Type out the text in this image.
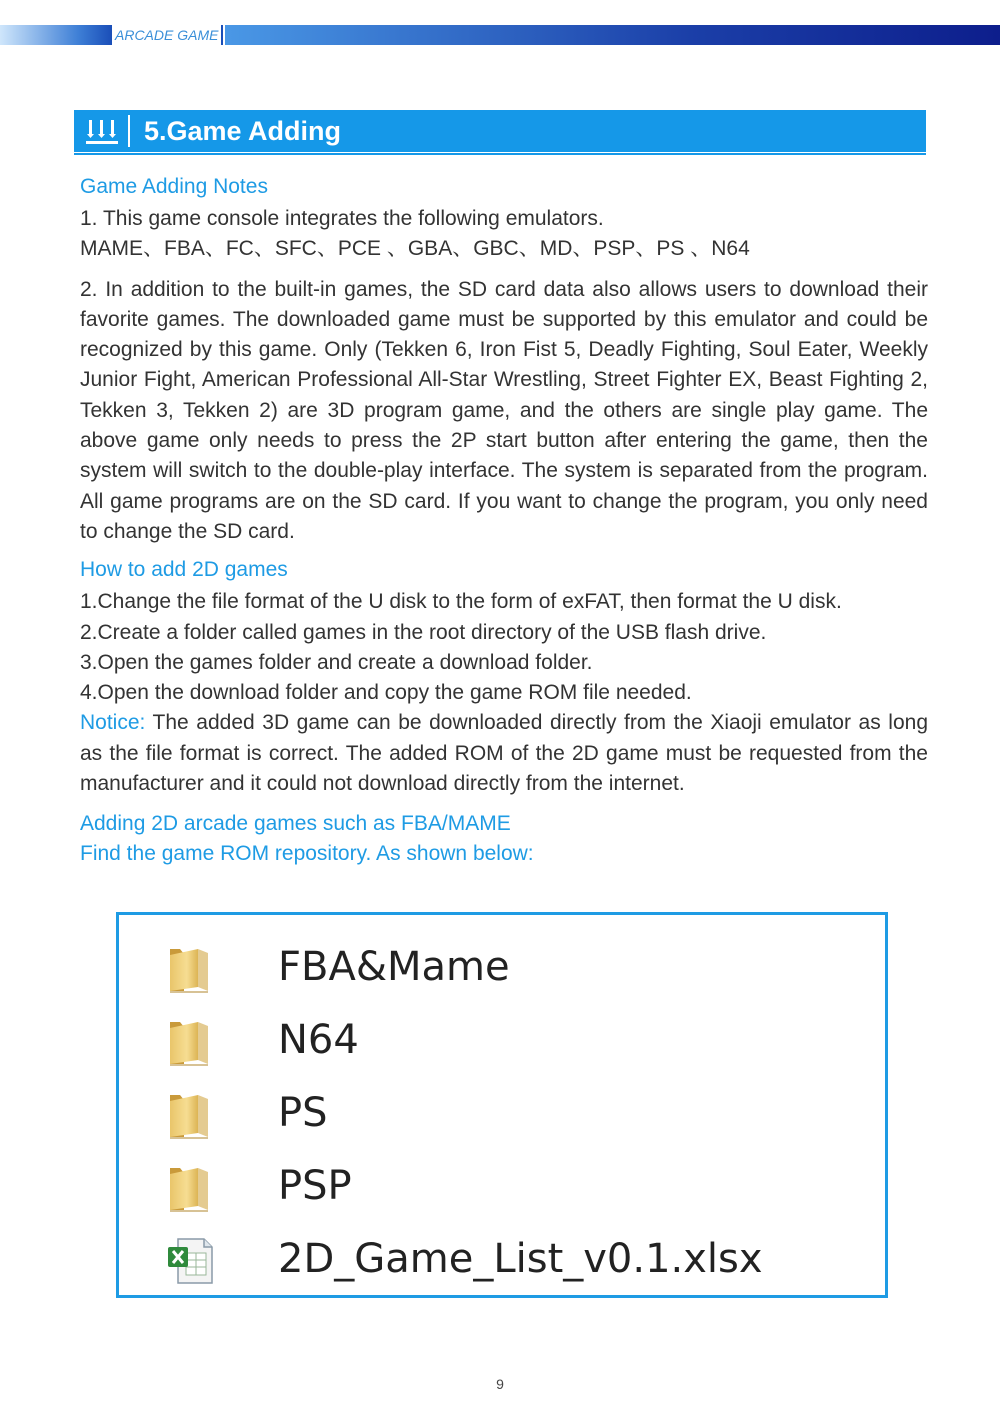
ARCADE GAME
5.Game Adding

Game Adding Notes

1. This game console integrates the following emulators.

MAME、FBA、FC、SFC、PCE 、GBA、GBC、MD、PSP、PS 、N64

2. In addition to the built-in games, the SD card data also allows users to download their favorite games. The downloaded game must be supported by this emulator and could be recognized by this game. Only (Tekken 6, Iron Fist 5, Deadly Fighting, Soul Eater, Weekly Junior Fight, American Professional All-Star Wrestling, Street Fighter EX, Beast Fighting 2, Tekken 3, Tekken 2) are 3D program game, and the others are single play game. The above game only needs to press the 2P start button after entering the game, then the system will switch to the double-play interface. The system is separated from the program. All game programs are on the SD card. If you want to change the program, you only need to change the SD card.

How to add 2D games

1.Change the file format of the U disk to the form of exFAT, then format the U disk.

2.Create a folder called games in the root directory of the USB flash drive.

3.Open the games folder and create a download folder.

4.Open the download folder and copy the game ROM file needed.

Notice: The added 3D game can be downloaded directly from the Xiaoji emulator as long as the file format is correct. The added ROM of the 2D game must be requested from the manufacturer and it could not download directly from the internet.

Adding 2D arcade games such as FBA/MAME

Find the game ROM repository. As shown below:

FBA&Mame
N64
PS
PSP
2D_Game_List_v0.1.xlsx
9
